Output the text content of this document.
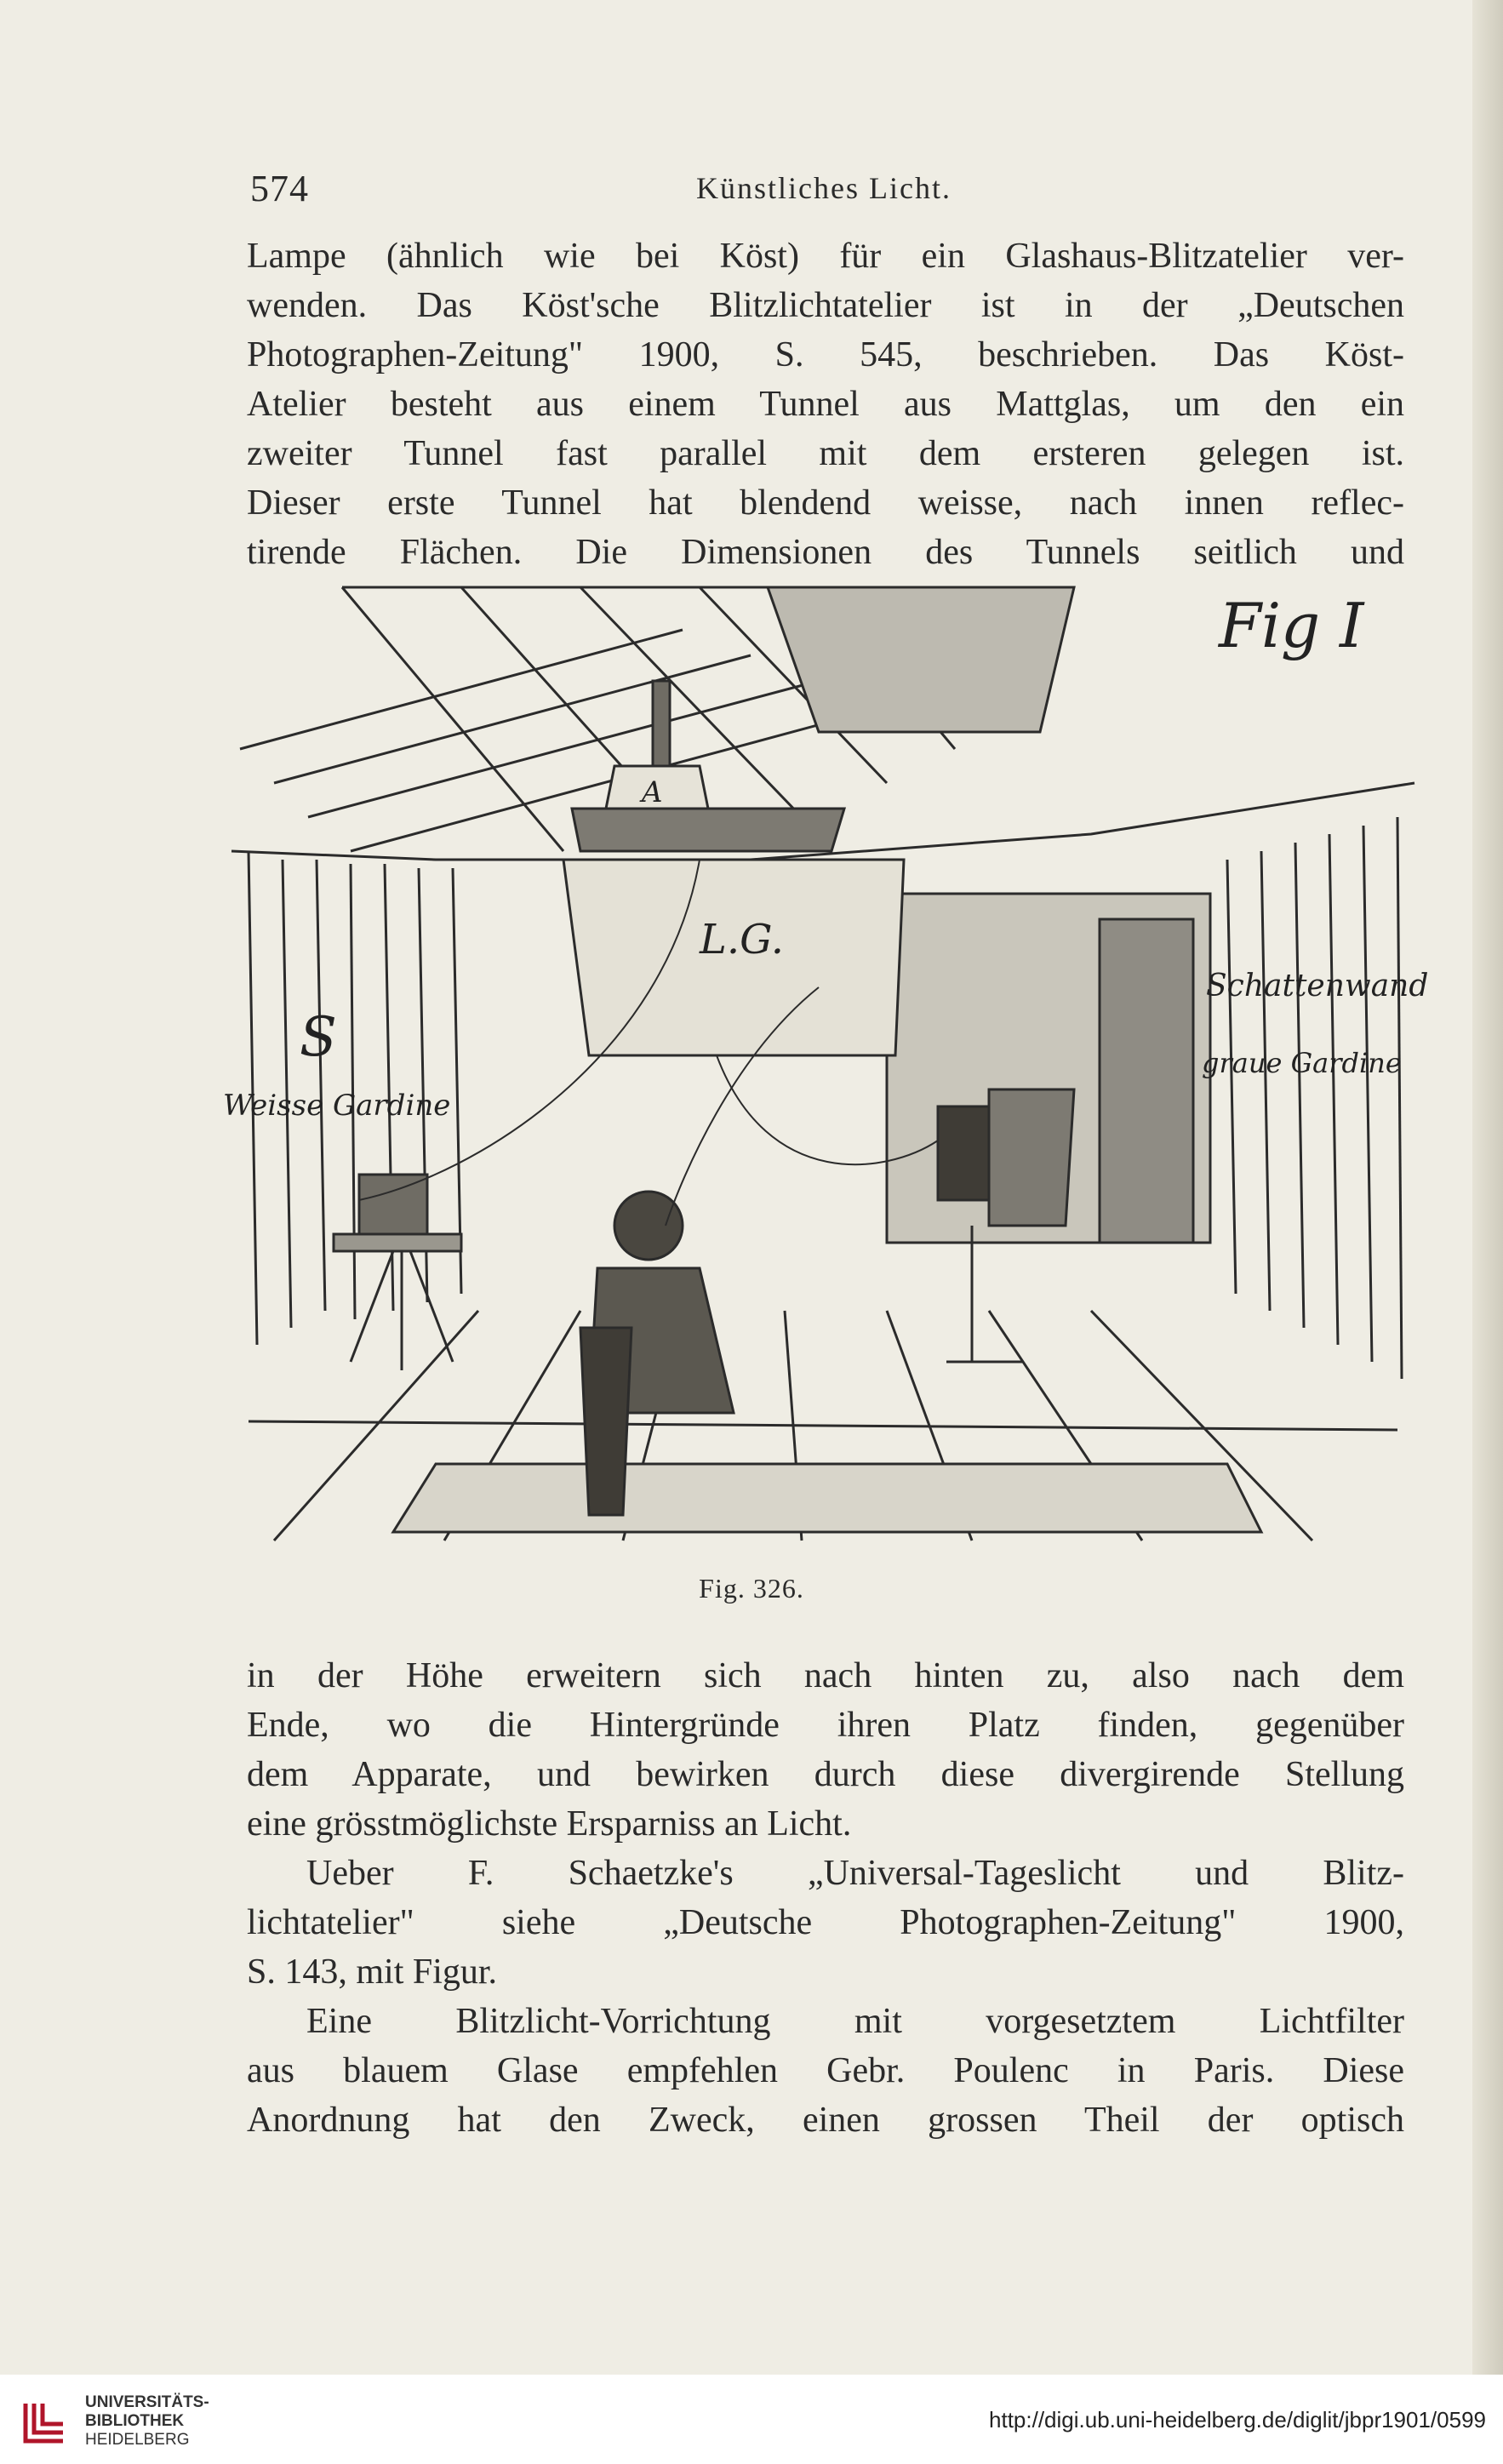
574	Künstliches Licht.
Lampe (ähnlich wie bei Köst) für ein Glashaus-Blitzatelier ver-
wenden. Das Köst'sche Blitzlichtatelier ist in der „Deutschen
Photographen-Zeitung" 1900, S. 545, beschrieben. Das Köst-
Atelier besteht aus einem Tunnel aus Mattglas, um den ein
zweiter Tunnel fast parallel mit dem ersteren gelegen ist.
Dieser erste Tunnel hat blendend weisse, nach innen reflec-
tirende Flächen. Die Dimensionen des Tunnels seitlich und
Fig I
A
L.G.
S
Weisse Gardine
Schattenwand
graue Gardine
Fig. 326.
in der Höhe erweitern sich nach hinten zu, also nach dem
Ende, wo die Hintergründe ihren Platz finden, gegenüber
dem Apparate, und bewirken durch diese divergirende Stellung
eine grösstmöglichste Ersparniss an Licht.
Ueber F. Schaetzke's „Universal-Tageslicht und Blitz-
lichtatelier" siehe „Deutsche Photographen-Zeitung" 1900,
S. 143, mit Figur.
Eine Blitzlicht-Vorrichtung mit vorgesetztem Lichtfilter
aus blauem Glase empfehlen Gebr. Poulenc in Paris. Diese
Anordnung hat den Zweck, einen grossen Theil der optisch
UNIVERSITÄTS-
BIBLIOTHEK
HEIDELBERG
http://digi.ub.uni-heidelberg.de/diglit/jbpr1901/0599
